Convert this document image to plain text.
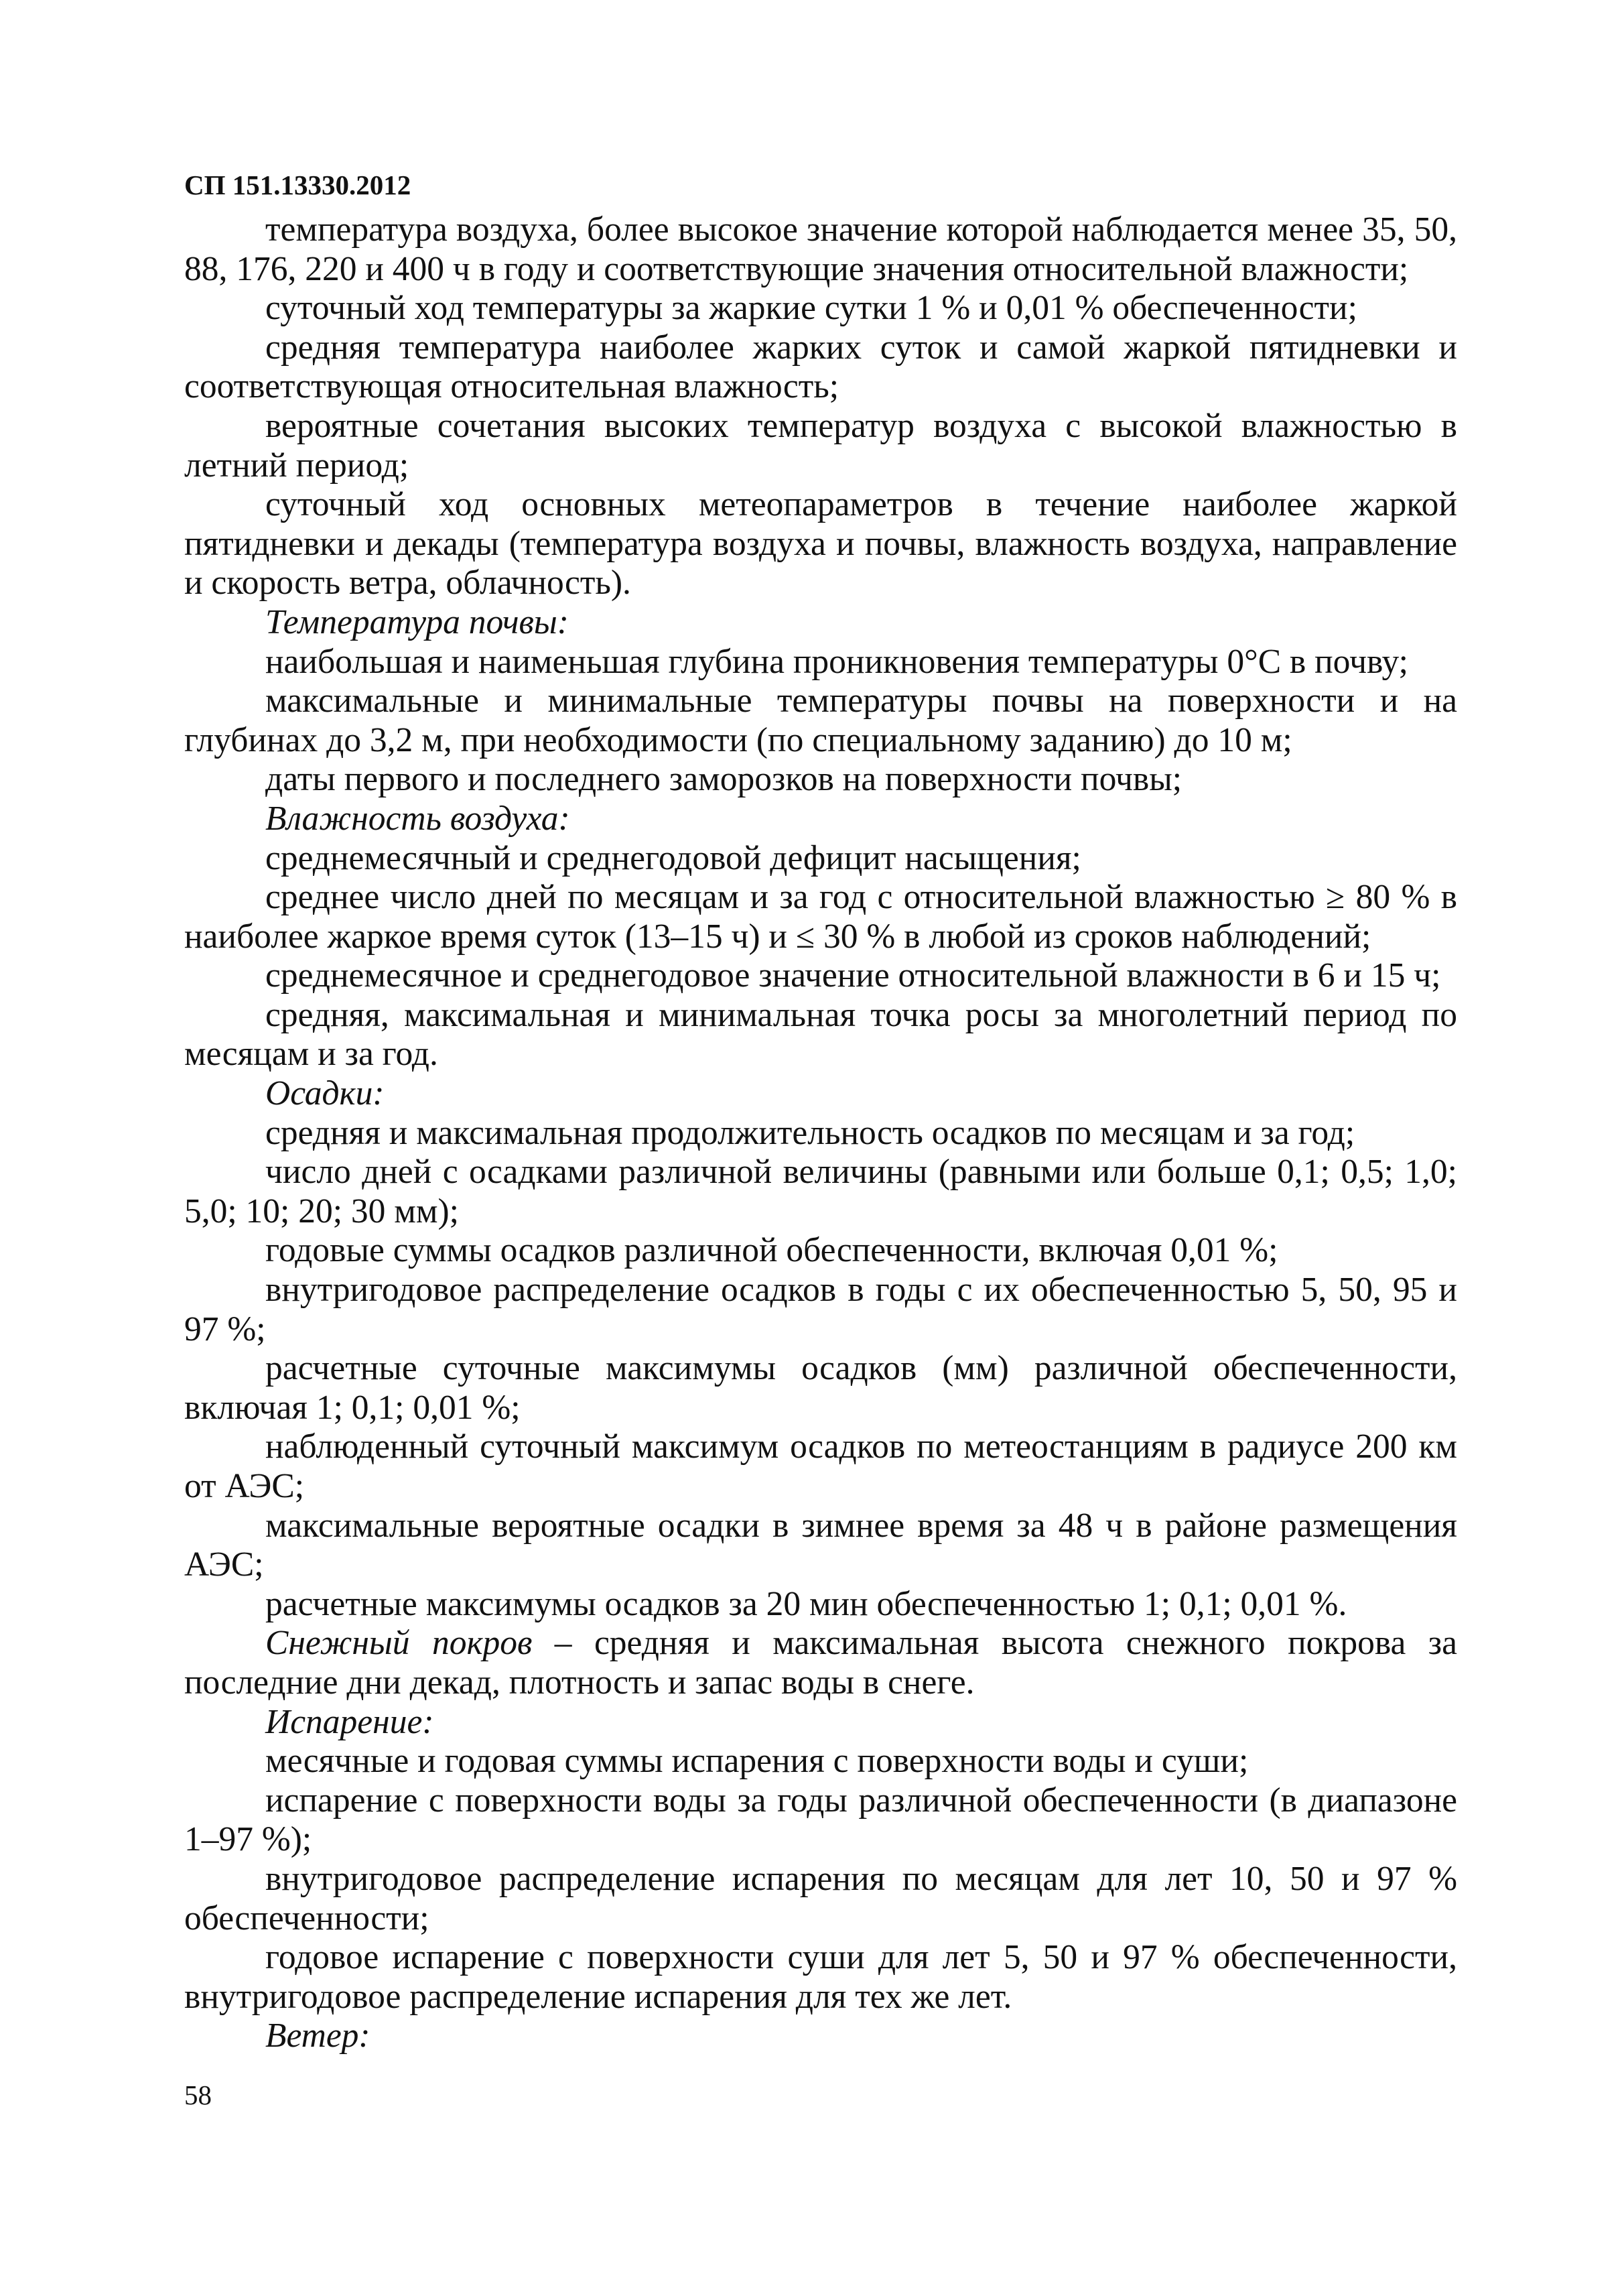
СП 151.13330.2012

температура воздуха, более высокое значение которой наблюдается менее 35, 50, 88, 176, 220 и 400 ч в году и соответствующие значения относительной влажности;

суточный ход температуры за жаркие сутки 1 % и 0,01 % обеспеченности;

средняя температура наиболее жарких суток и самой жаркой пятидневки и соответствующая относительная влажность;

вероятные сочетания высоких температур воздуха с высокой влажностью в летний период;

суточный ход основных метеопараметров в течение наиболее жаркой пятидневки и декады (температура воздуха и почвы, влажность воздуха, направление и скорость ветра, облачность).

Температура почвы:

наибольшая и наименьшая глубина проникновения температуры 0°С в почву;

максимальные и минимальные температуры почвы на поверхности и на глубинах до 3,2 м, при необходимости (по специальному заданию) до 10 м;

даты первого и последнего заморозков на поверхности почвы;

Влажность воздуха:

среднемесячный и среднегодовой дефицит насыщения;

среднее число дней по месяцам и за год с относительной влажностью ≥ 80 % в наиболее жаркое время суток (13–15 ч) и ≤ 30 % в любой из сроков наблюдений;

среднемесячное и среднегодовое значение относительной влажности в 6 и 15 ч;

средняя, максимальная и минимальная точка росы за многолетний период по месяцам и за год.

Осадки:

средняя и максимальная продолжительность осадков по месяцам и за год;

число дней с осадками различной величины (равными или больше 0,1; 0,5; 1,0; 5,0; 10; 20; 30 мм);

годовые суммы осадков различной обеспеченности, включая 0,01 %;

внутригодовое распределение осадков в годы с их обеспеченностью 5, 50, 95 и 97 %;

расчетные суточные максимумы осадков (мм) различной обеспеченности, включая 1; 0,1; 0,01 %;

наблюденный суточный максимум осадков по метеостанциям в радиусе 200 км от АЭС;

максимальные вероятные осадки в зимнее время за 48 ч в районе размещения АЭС;

расчетные максимумы осадков за 20 мин обеспеченностью 1; 0,1; 0,01 %.

Снежный покров – средняя и максимальная высота снежного покрова за последние дни декад, плотность и запас воды в снеге.

Испарение:

месячные и годовая суммы испарения с поверхности воды и суши;

испарение с поверхности воды за годы различной обеспеченности (в диапазоне 1–97 %);

внутригодовое распределение испарения по месяцам для лет 10, 50 и 97 % обеспеченности;

годовое испарение с поверхности суши для лет 5, 50 и 97 % обеспеченности, внутригодовое распределение испарения для тех же лет.

Ветер:

58
